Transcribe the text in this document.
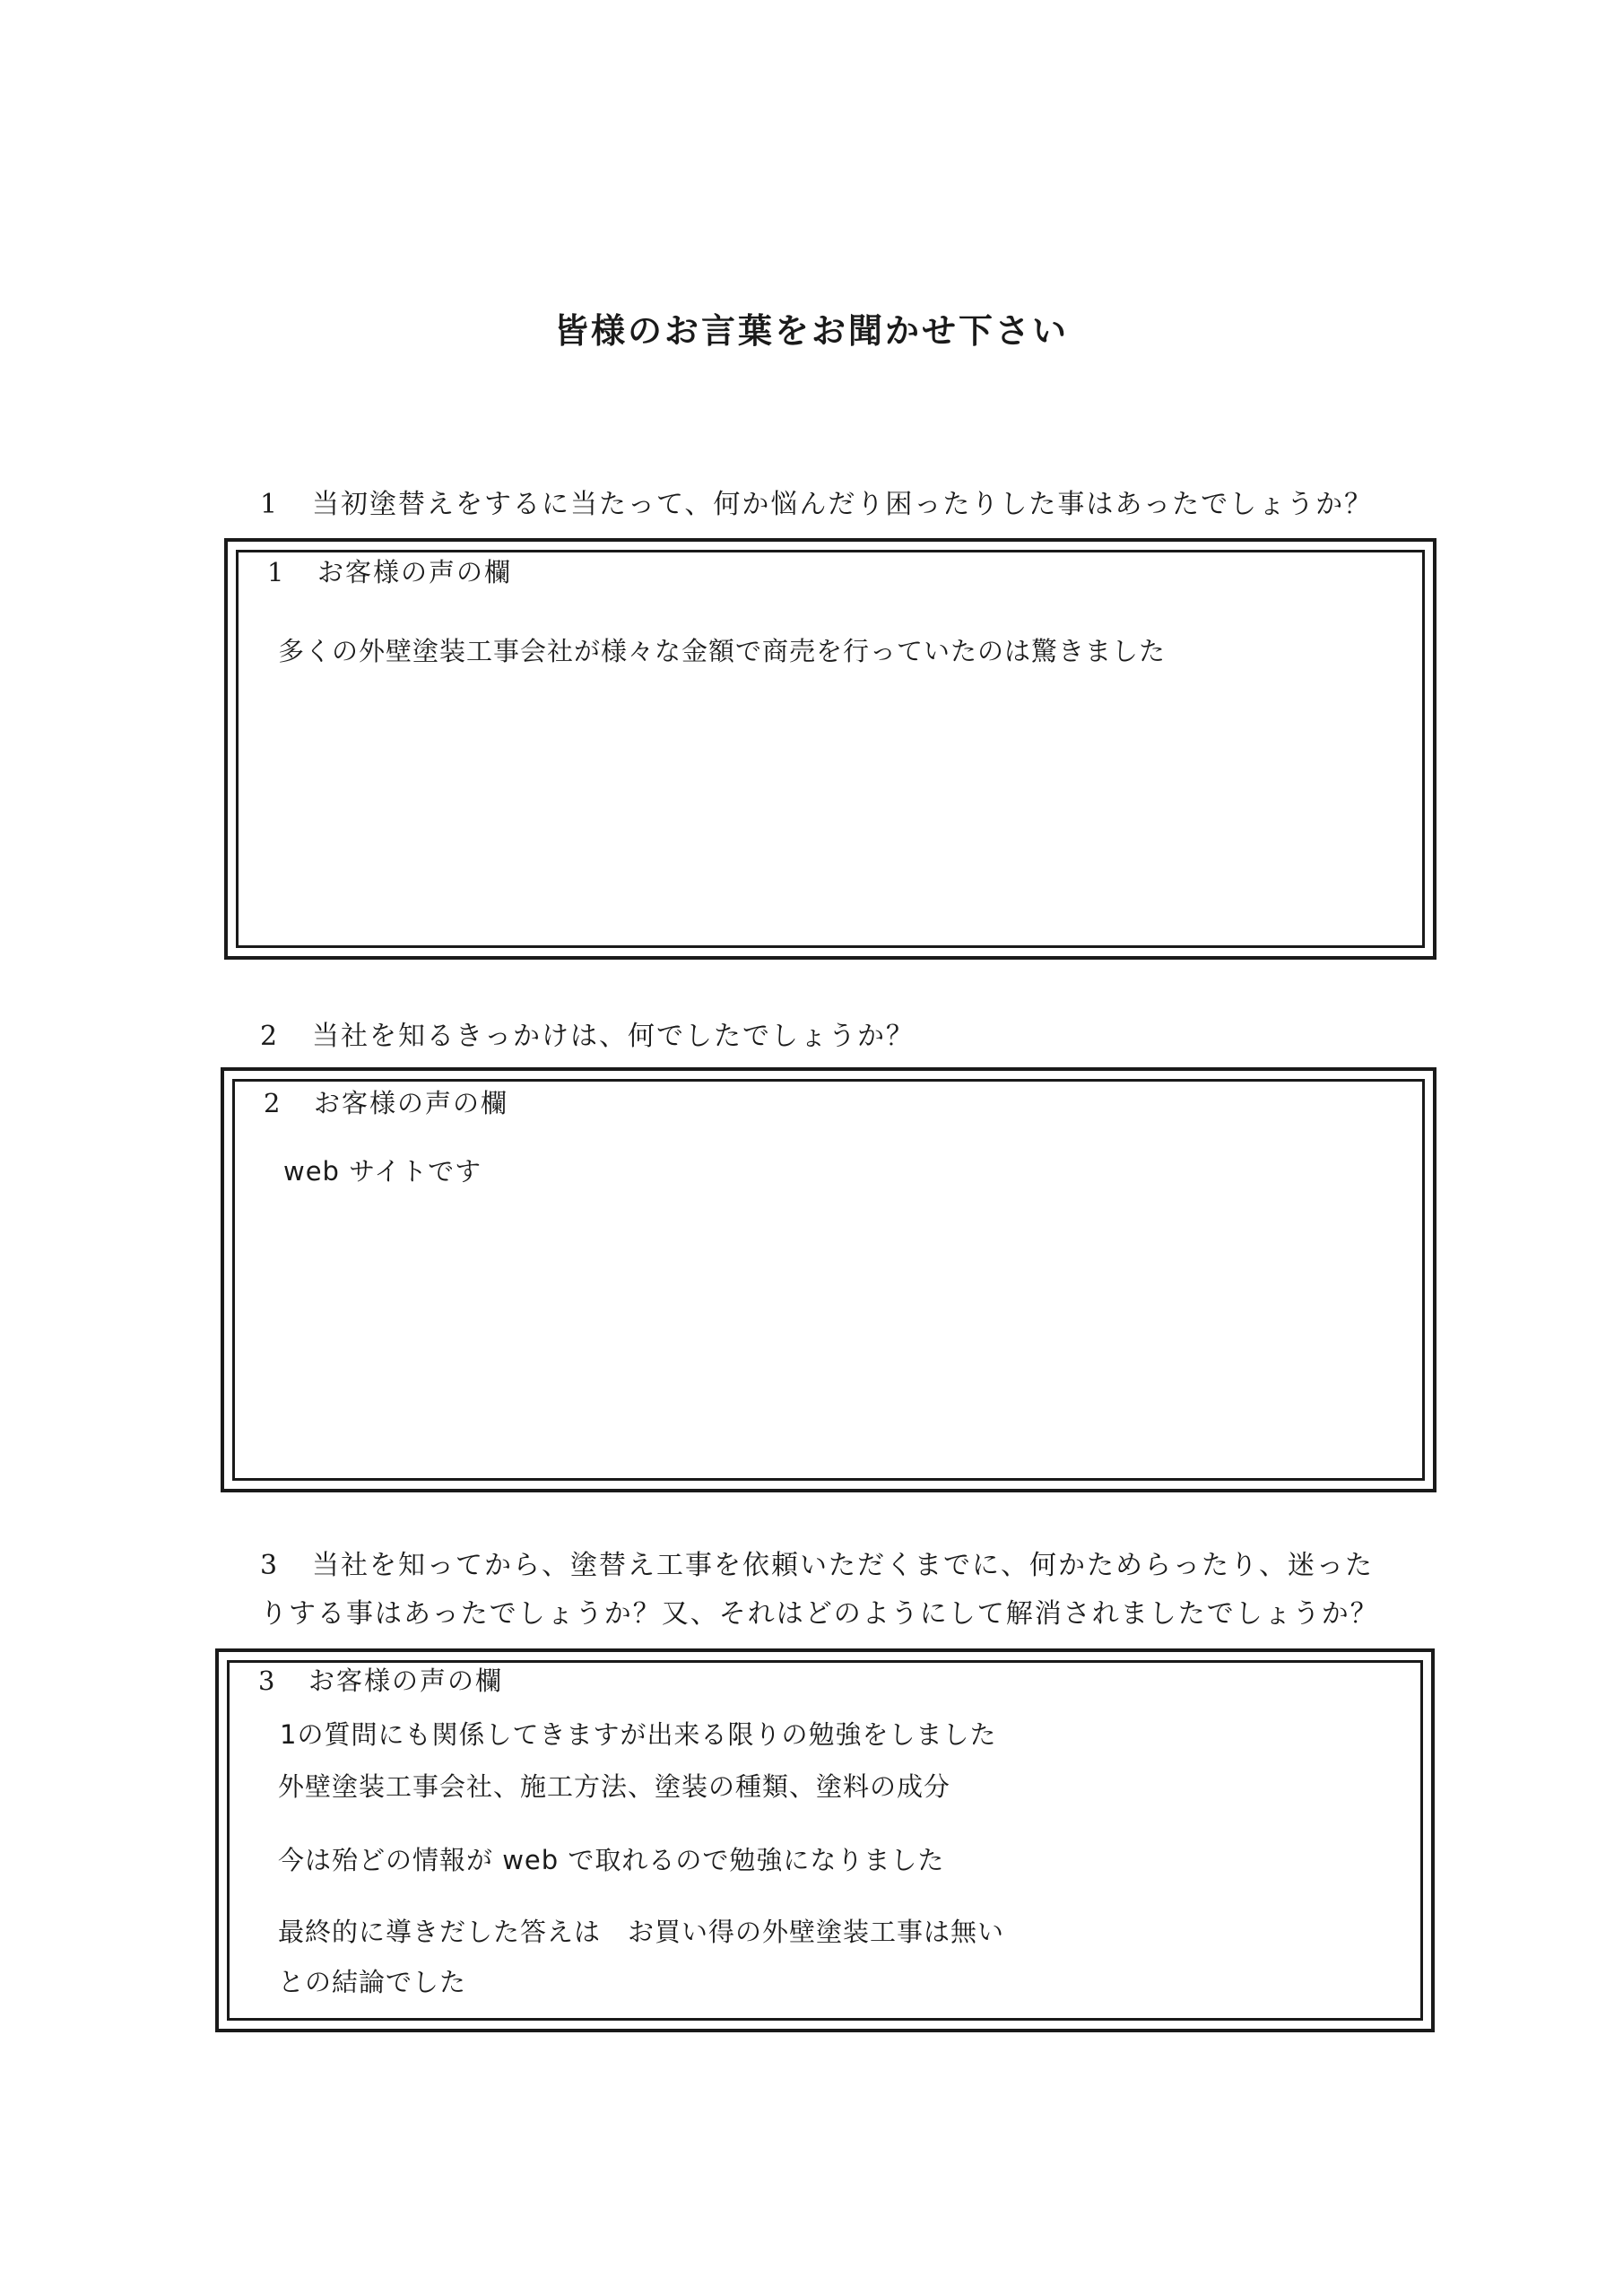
皆様のお言葉をお聞かせ下さい
1 当初塗替えをするに当たって、何か悩んだり困ったりした事はあったでしょうか？
1 お客様の声の欄
多くの外壁塗装工事会社が様々な金額で商売を行っていたのは驚きました
2 当社を知るきっかけは、何でしたでしょうか？
2 お客様の声の欄
web サイトです
3 当社を知ってから、塗替え工事を依頼いただくまでに、何かためらったり、迷った
りする事はあったでしょうか？又、それはどのようにして解消されましたでしょうか？
3 お客様の声の欄
1の質問にも関係してきますが出来る限りの勉強をしました
外壁塗装工事会社、施工方法、塗装の種類、塗料の成分
今は殆どの情報が web で取れるので勉強になりました
最終的に導きだした答えは　お買い得の外壁塗装工事は無い
との結論でした
